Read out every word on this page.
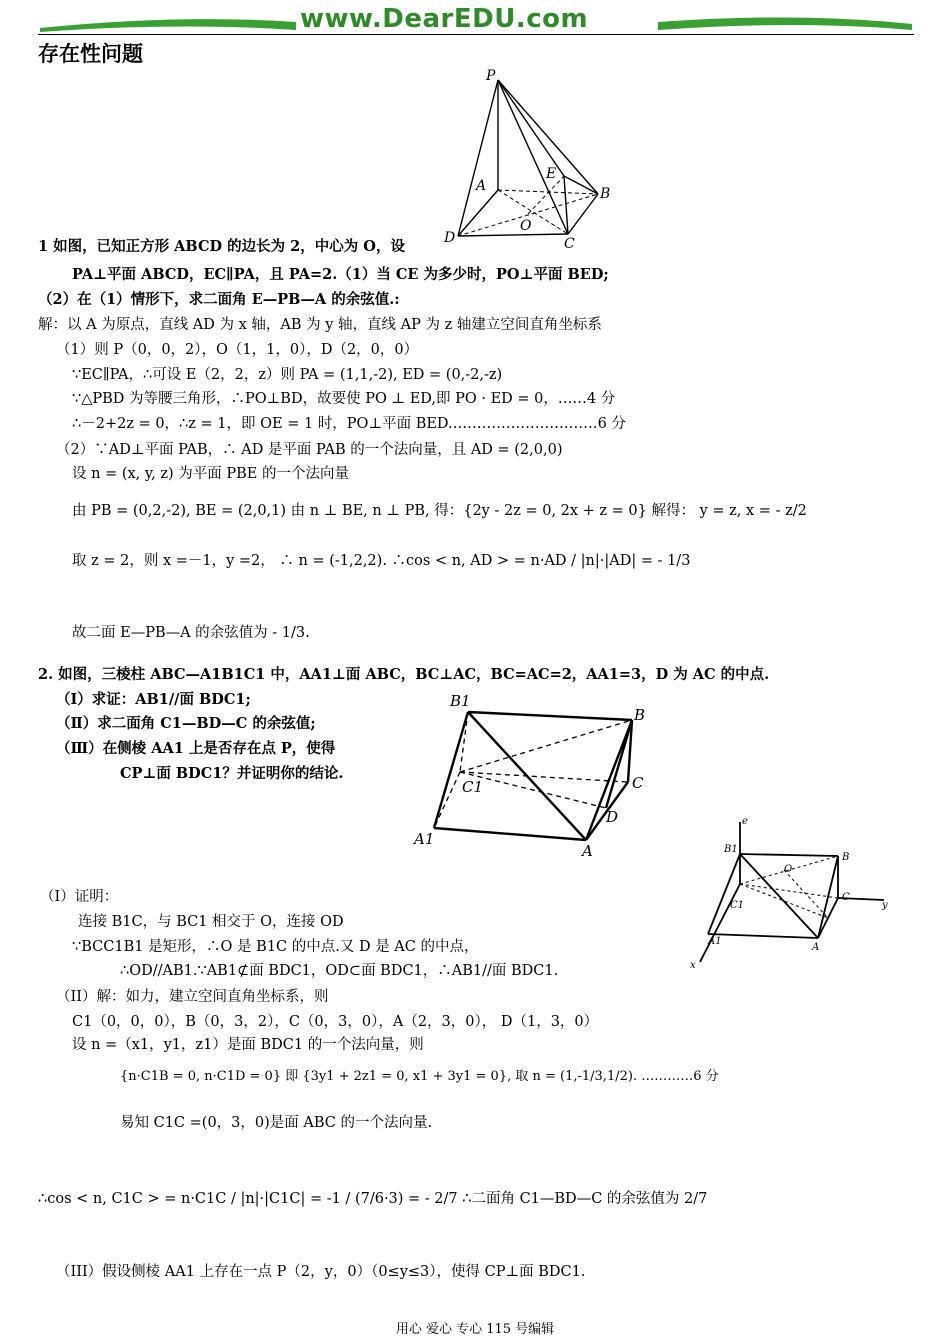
www.DearEDU.com
存在性问题
P
A
E
B
O
D	C
1 如图，已知正方形 ABCD 的边长为 2，中心为 O，设
PA⊥平面 ABCD，EC∥PA，且 PA=2.（1）当 CE 为多少时，PO⊥平面 BED;
（2）在（1）情形下，求二面角 E—PB—A 的余弦值.:
解：以 A 为原点，直线 AD 为 x 轴，AB 为 y 轴，直线 AP 为 z 轴建立空间直角坐标系
（1）则 P（0，0，2），O（1，1，0），D（2，0，0）
∵EC∥PA，∴可设 E（2，2，z）则 PA = (1,1,-2), ED = (0,-2,-z)
∵△PBD 为等腰三角形，∴PO⊥BD，故要使 PO ⊥ ED,即 PO · ED = 0，……4 分
∴－2+2z = 0，∴z = 1，即 OE = 1 时，PO⊥平面 BED.…………………………6 分
（2）∵AD⊥平面 PAB，∴ AD 是平面 PAB 的一个法向量，且 AD = (2,0,0)
设 n = (x, y, z) 为平面 PBE 的一个法向量
由 PB = (0,2,-2), BE = (2,0,1) 由 n ⊥ BE, n ⊥ PB, 得：{2y - 2z = 0, 2x + z = 0} 解得： y = z, x = - z/2
取 z = 2，则 x =－1，y =2， ∴ n = (-1,2,2). ∴cos < n, AD > = n·AD / |n|·|AD| = - 1/3
故二面 E—PB—A 的余弦值为 - 1/3.
2. 如图，三棱柱 ABC—A1B1C1 中，AA1⊥面 ABC，BC⊥AC，BC=AC=2，AA1=3，D 为 AC 的中点.
（Ⅰ）求证：AB1//面 BDC1;
（Ⅱ）求二面角 C1—BD—C 的余弦值;
（Ⅲ）在侧棱 AA1 上是否存在点 P，使得
CP⊥面 BDC1？并证明你的结论.
B1
B
C1	C
D
A1
A
e
B1
O
B
C1
C
y
A1
A
x
（I）证明：
连接 B1C，与 BC1 相交于 O，连接 OD
∵BCC1B1 是矩形，∴O 是 B1C 的中点.又 D 是 AC 的中点，
∴OD//AB1.∵AB1⊄面 BDC1，OD⊂面 BDC1，∴AB1//面 BDC1.
（II）解：如力，建立空间直角坐标系，则
C1（0，0，0），B（0，3，2），C（0，3，0），A（2，3，0）， D（1，3，0）
设 n =（x1，y1，z1）是面 BDC1 的一个法向量，则
{n·C1B = 0, n·C1D = 0} 即 {3y1 + 2z1 = 0, x1 + 3y1 = 0}, 取 n = (1,-1/3,1/2). …………6 分
易知 C1C =(0，3，0)是面 ABC 的一个法向量.
∴cos < n, C1C > = n·C1C / |n|·|C1C| = -1 / (7/6·3) = - 2/7 ∴二面角 C1—BD—C 的余弦值为 2/7
（III）假设侧棱 AA1 上存在一点 P（2，y，0）（0≤y≤3），使得 CP⊥面 BDC1.
用心 爱心 专心 115 号编辑
